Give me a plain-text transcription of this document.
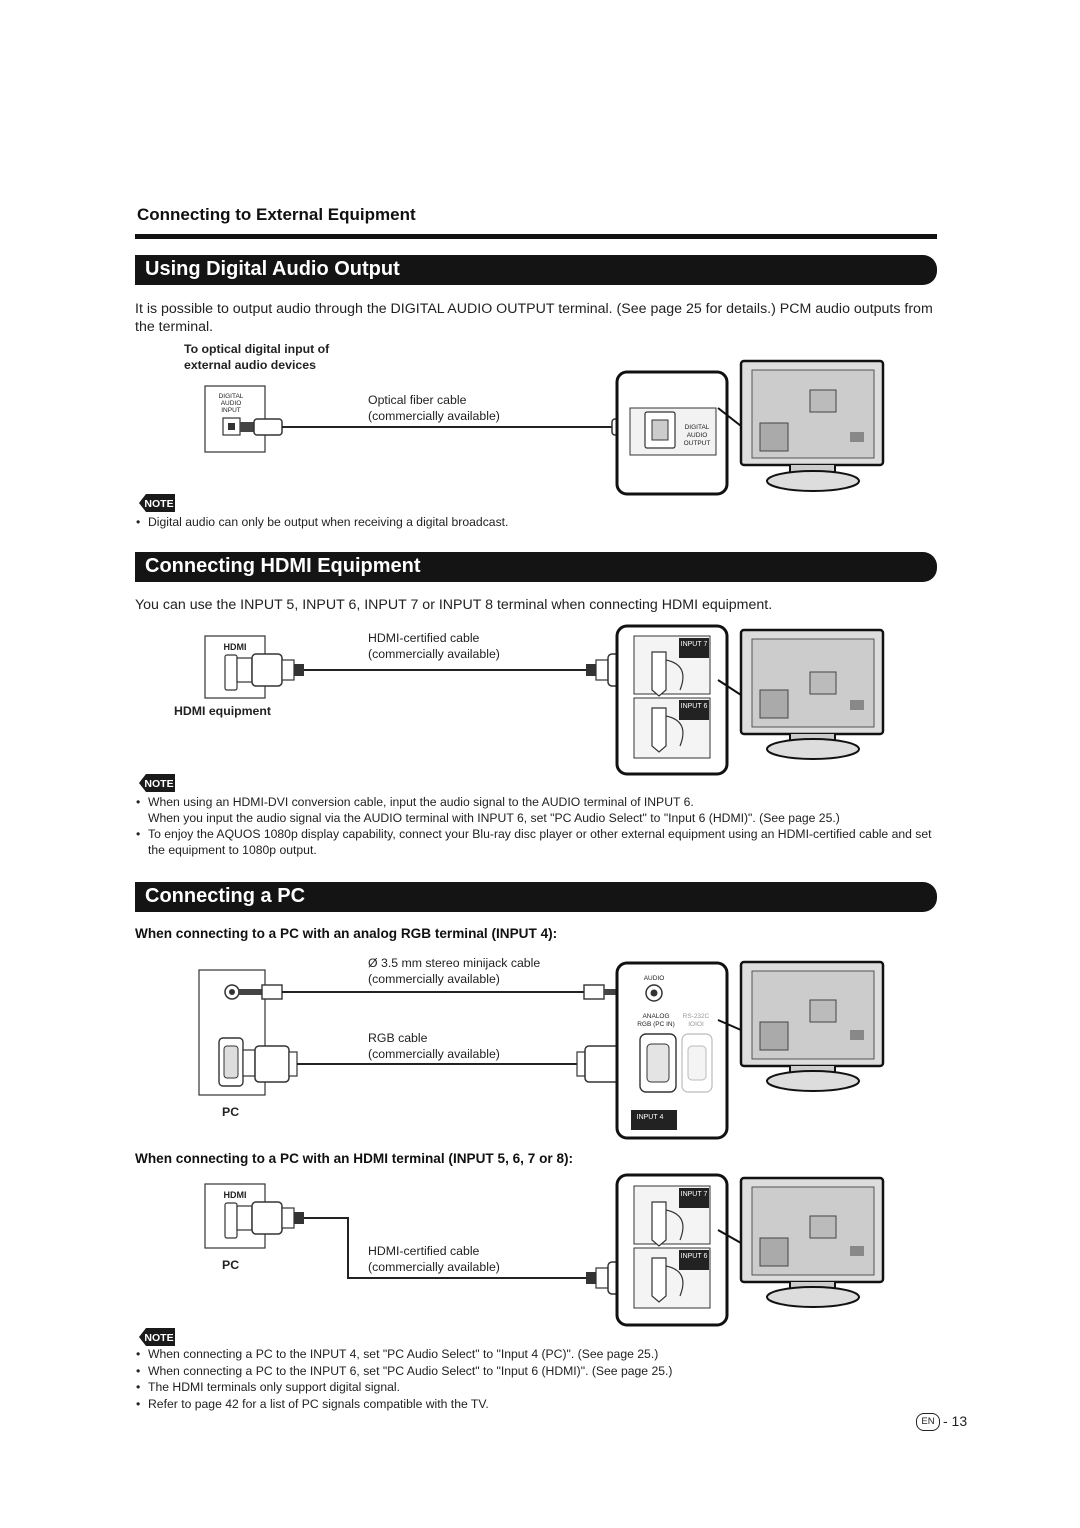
Connecting to External Equipment
Using Digital Audio Output
It is possible to output audio through the DIGITAL AUDIO OUTPUT terminal. (See page 25 for details.) PCM audio outputs from the terminal.
To optical digital input of
external audio devices
Optical fiber cable
(commercially available)
DIGITAL
AUDIO
INPUT
DIGITAL
AUDIO
OUTPUT
NOTE
• Digital audio can only be output when receiving a digital broadcast.
Connecting HDMI Equipment
You can use the INPUT 5, INPUT 6, INPUT 7 or INPUT 8 terminal when connecting HDMI equipment.
HDMI-certified cable
(commercially available)
HDMI equipment
HDMI	INPUT 7
INPUT 6
NOTE
• When using an HDMI-DVI conversion cable, input the audio signal to the AUDIO terminal of INPUT 6.
When you input the audio signal via the AUDIO terminal with INPUT 6, set "PC Audio Select" to "Input 6 (HDMI)". (See page 25.)
• To enjoy the AQUOS 1080p display capability, connect your Blu-ray disc player or other external equipment using an HDMI-certified cable and set the equipment to 1080p output.
Connecting a PC
When connecting to a PC with an analog RGB terminal (INPUT 4):
Ø 3.5 mm stereo minijack cable
(commercially available)
RGB cable
(commercially available)
PC
AUDIO
ANALOG
RGB (PC IN)
RS-232C
IOIOI
INPUT 4
When connecting to a PC with an HDMI terminal (INPUT 5, 6, 7 or 8):
HDMI-certified cable
(commercially available)
PC
HDMI	INPUT 7
INPUT 6
NOTE
• When connecting a PC to the INPUT 4, set "PC Audio Select" to "Input 4 (PC)". (See page 25.)
• When connecting a PC to the INPUT 6, set "PC Audio Select" to "Input 6 (HDMI)". (See page 25.)
• The HDMI terminals only support digital signal.
• Refer to page 42 for a list of PC signals compatible with the TV.
EN - 13
